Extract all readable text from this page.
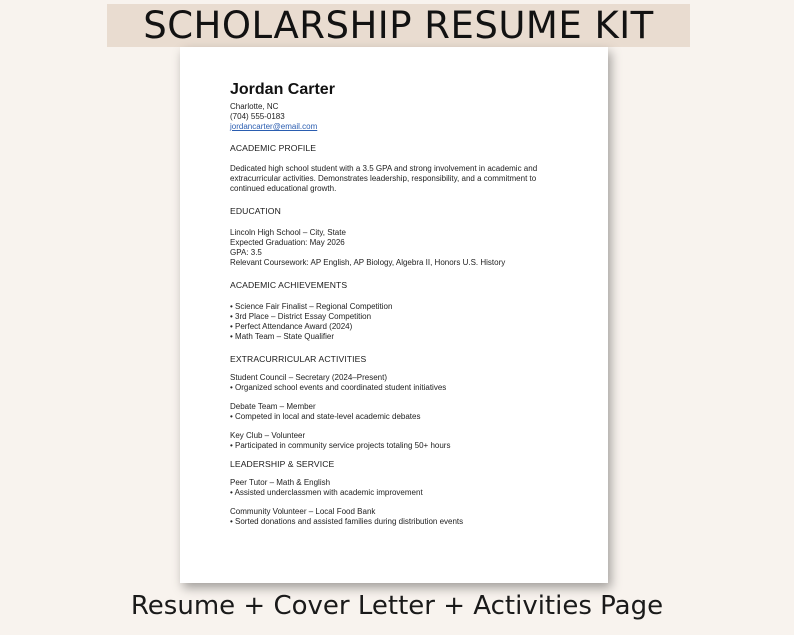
SCHOLARSHIP RESUME KIT
Jordan Carter
Charlotte, NC
(704) 555-0183
jordancarter@email.com
ACADEMIC PROFILE
Dedicated high school student with a 3.5 GPA and strong involvement in academic and
extracurricular activities. Demonstrates leadership, responsibility, and a commitment to
continued educational growth.
EDUCATION
Lincoln High School – City, State
Expected Graduation: May 2026
GPA: 3.5
Relevant Coursework: AP English, AP Biology, Algebra II, Honors U.S. History
ACADEMIC ACHIEVEMENTS
• Science Fair Finalist – Regional Competition
• 3rd Place – District Essay Competition
• Perfect Attendance Award (2024)
• Math Team – State Qualifier
EXTRACURRICULAR ACTIVITIES
Student Council – Secretary (2024–Present)
• Organized school events and coordinated student initiatives
Debate Team – Member
• Competed in local and state-level academic debates
Key Club – Volunteer
• Participated in community service projects totaling 50+ hours
LEADERSHIP & SERVICE
Peer Tutor – Math & English
• Assisted underclassmen with academic improvement
Community Volunteer – Local Food Bank
• Sorted donations and assisted families during distribution events
Resume + Cover Letter + Activities Page
